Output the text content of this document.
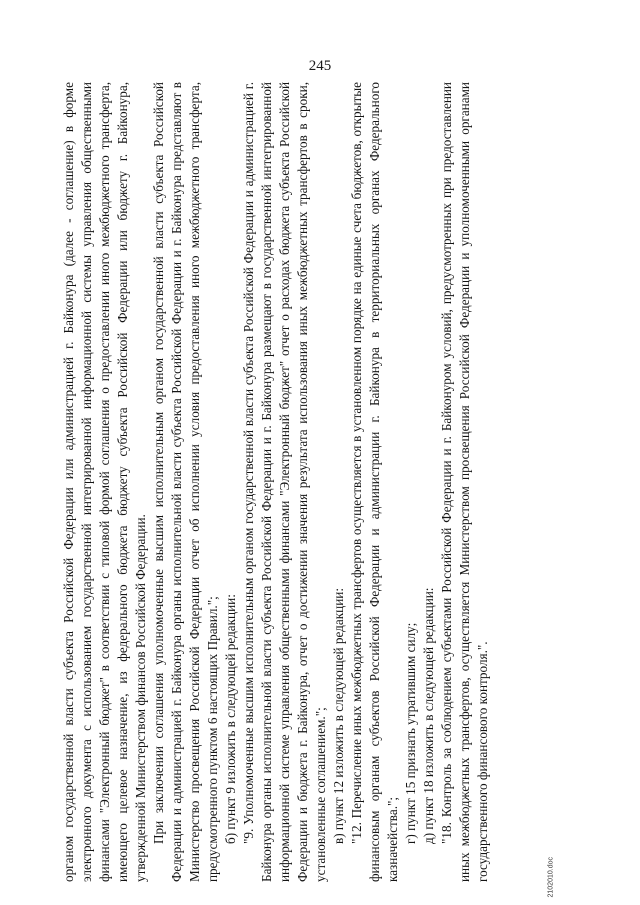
245

органом государственной власти субъекта Российской Федерации или администрацией г. Байконура (далее - соглашение) в форме электронного документа с использованием государственной интегрированной информационной системы управления общественными финансами "Электронный бюджет" в соответствии с типовой формой соглашения о предоставлении иного межбюджетного трансферта, имеющего целевое назначение, из федерального бюджета бюджету субъекта Российской Федерации или бюджету г. Байконура, утвержденной Министерством финансов Российской Федерации. При заключении соглашения уполномоченные высшим исполнительным органом государственной власти субъекта Российской Федерации и администрацией г. Байконура органы исполнительной власти субъекта Российской Федерации и г. Байконура представляют в Министерство просвещения Российской Федерации отчет об исполнении условия предоставления иного межбюджетного трансферта, предусмотренного пунктом 6 настоящих Правил."; б) пункт 9 изложить в следующей редакции: "9. Уполномоченные высшим исполнительным органом государственной власти субъекта Российской Федерации и администрацией г. Байконура органы исполнительной власти субъекта Российской Федерации и г. Байконура размещают в государственной интегрированной информационной системе управления общественными финансами "Электронный бюджет" отчет о расходах бюджета субъекта Российской Федерации и бюджета г. Байконура, отчет о достижении значения результата использования иных межбюджетных трансфертов в сроки, установленные соглашением."; в) пункт 12 изложить в следующей редакции: "12. Перечисление иных межбюджетных трансфертов осуществляется в установленном порядке на единые счета бюджетов, открытые финансовым органам субъектов Российской Федерации и администрации г. Байконура в территориальных органах Федерального казначейства."; г) пункт 15 признать утратившим силу; д) пункт 18 изложить в следующей редакции: "18. Контроль за соблюдением субъектами Российской Федерации и г. Байконуром условий, предусмотренных при предоставлении иных межбюджетных трансфертов, осуществляется Министерством просвещения Российской Федерации и уполномоченными органами государственного финансового контроля.".	2102010.doc
